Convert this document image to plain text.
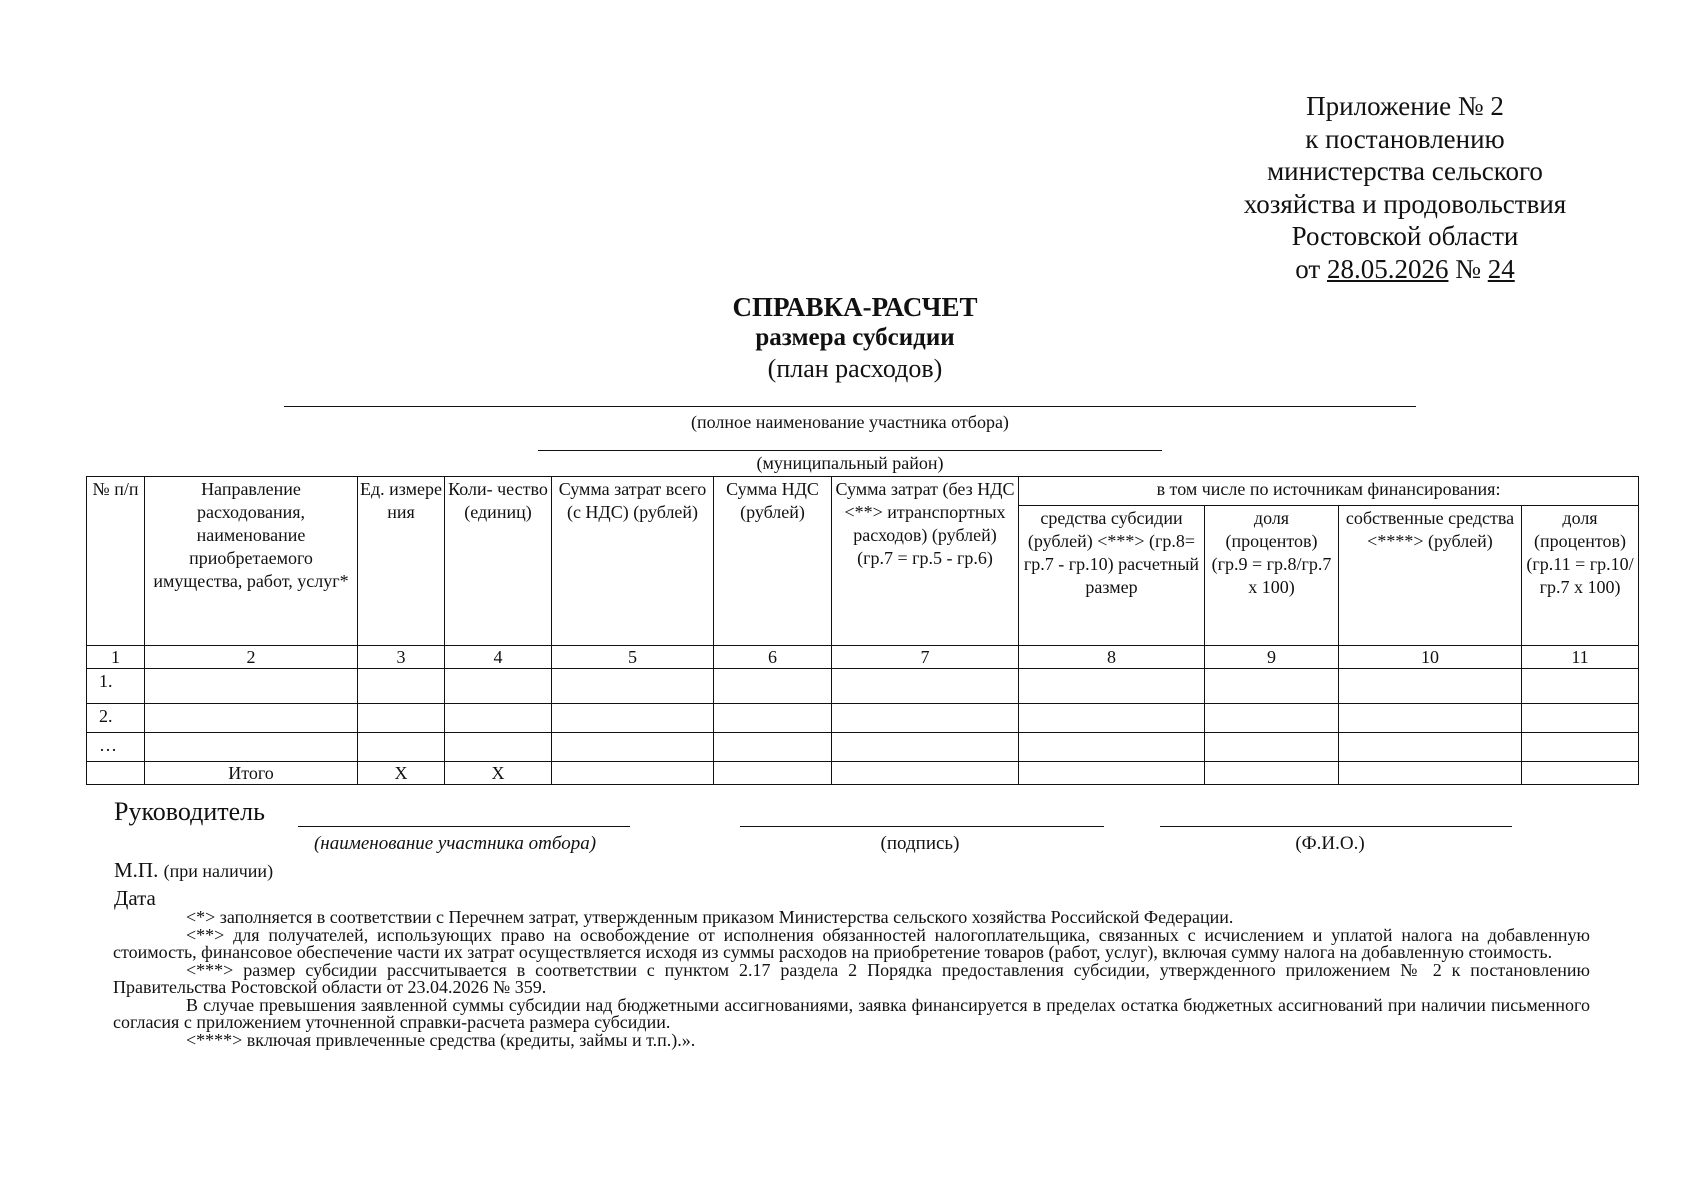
Приложение № 2
к постановлению
министерства сельского
хозяйства и продовольствия
Ростовской области
от 28.05.2026 № 24
СПРАВКА-РАСЧЕТ
размера субсидии
(план расходов)
(полное наименование участника отбора)
(муниципальный район)
№ п/п	Направление расходования, наименование приобретаемого имущества, работ, услуг*	Ед. измере ния	Коли- чество (единиц)	Сумма затрат всего (с НДС) (рублей)	Сумма НДС (рублей)	Сумма затрат (без НДС <**> итранспортных расходов) (рублей) (гр.7 = гр.5 - гр.6)	в том числе по источникам финансирования:			
							средства субсидии (рублей) <***> (гр.8= гр.7 - гр.10) расчетный размер	доля (процентов) (гр.9 = гр.8/гр.7 х 100)	собственные средства <****> (рублей)	доля (процентов) (гр.11 = гр.10/гр.7 х 100)
1	2	3	4	5	6	7	8	9	10	11
1.										
2.										
…										
	Итого	Х	Х							
Руководитель
(наименование участника отбора)	(подпись)	(Ф.И.О.)
М.П. (при наличии)
Дата

<*> заполняется в соответствии с Перечнем затрат, утвержденным приказом Министерства сельского хозяйства Российской Федерации.

<**> для получателей, использующих право на освобождение от исполнения обязанностей налогоплательщика, связанных с исчислением и уплатой налога на добавленную стоимость, финансовое обеспечение части их затрат осуществляется исходя из суммы расходов на приобретение товаров (работ, услуг), включая сумму налога на добавленную стоимость.

<***> размер субсидии рассчитывается в соответствии с пунктом 2.17 раздела 2 Порядка предоставления субсидии, утвержденного приложением № 2 к постановлению Правительства Ростовской области от 23.04.2026 № 359.

В случае превышения заявленной суммы субсидии над бюджетными ассигнованиями, заявка финансируется в пределах остатка бюджетных ассигнований при наличии письменного согласия с приложением уточненной справки-расчета размера субсидии.

<****> включая привлеченные средства (кредиты, займы и т.п.).».
